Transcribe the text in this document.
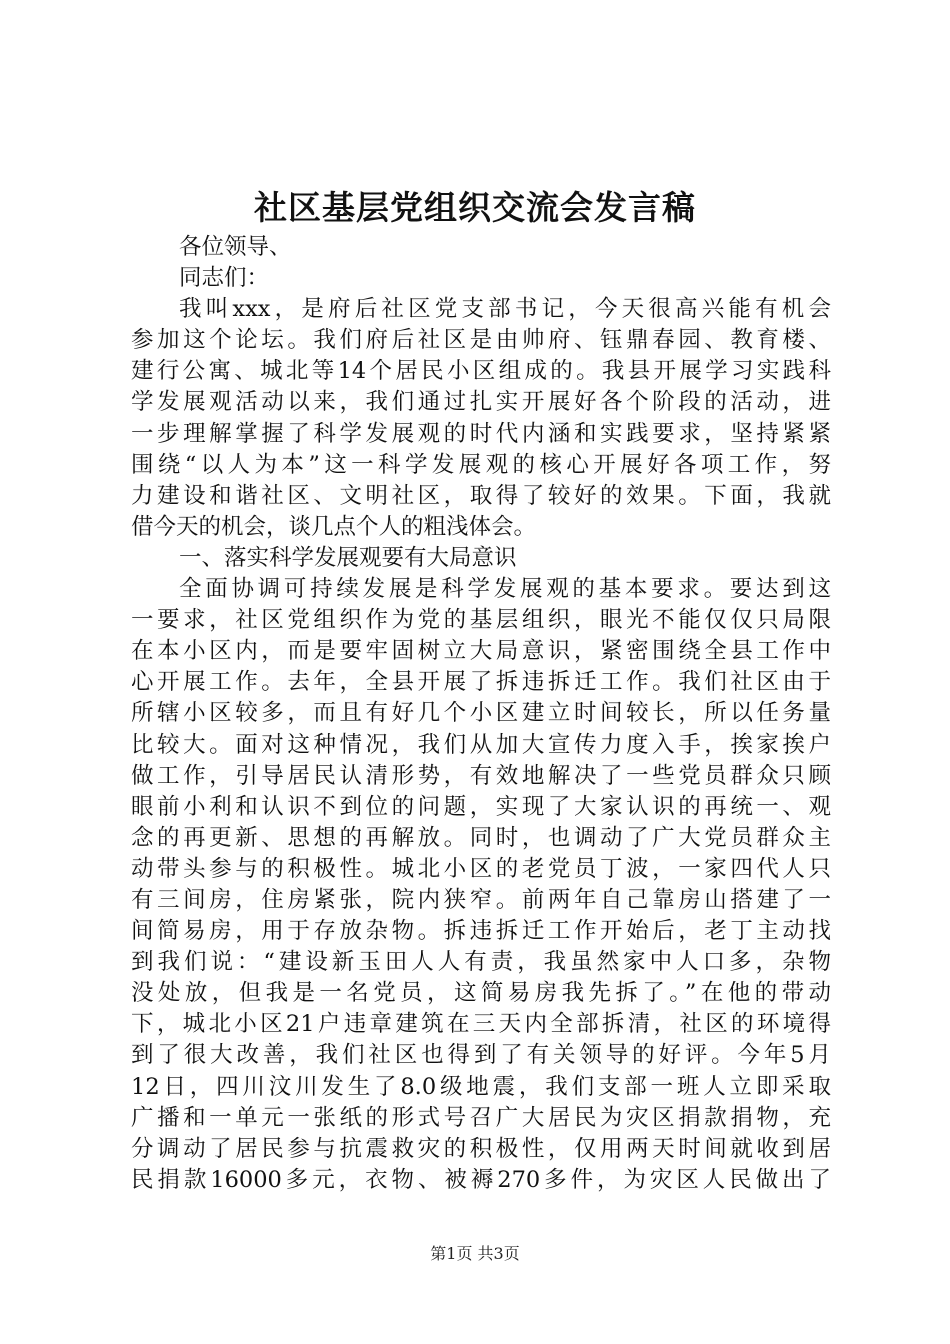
社区基层党组织交流会发言稿
各位领导、
同志们：
我叫xxx，是府后社区党支部书记，今天很高兴能有机会
参加这个论坛。我们府后社区是由帅府、钰鼎春园、教育楼、
建行公寓、城北等14个居民小区组成的。我县开展学习实践科
学发展观活动以来，我们通过扎实开展好各个阶段的活动，进
一步理解掌握了科学发展观的时代内涵和实践要求，坚持紧紧
围绕“以人为本”这一科学发展观的核心开展好各项工作，努
力建设和谐社区、文明社区，取得了较好的效果。下面，我就
借今天的机会，谈几点个人的粗浅体会。
一、落实科学发展观要有大局意识
全面协调可持续发展是科学发展观的基本要求。要达到这
一要求，社区党组织作为党的基层组织，眼光不能仅仅只局限
在本小区内，而是要牢固树立大局意识，紧密围绕全县工作中
心开展工作。去年，全县开展了拆违拆迁工作。我们社区由于
所辖小区较多，而且有好几个小区建立时间较长，所以任务量
比较大。面对这种情况，我们从加大宣传力度入手，挨家挨户
做工作，引导居民认清形势，有效地解决了一些党员群众只顾
眼前小利和认识不到位的问题，实现了大家认识的再统一、观
念的再更新、思想的再解放。同时，也调动了广大党员群众主
动带头参与的积极性。城北小区的老党员丁波，一家四代人只
有三间房，住房紧张，院内狭窄。前两年自己靠房山搭建了一
间简易房，用于存放杂物。拆违拆迁工作开始后，老丁主动找
到我们说：“建设新玉田人人有责，我虽然家中人口多，杂物
没处放，但我是一名党员，这简易房我先拆了。”在他的带动
下，城北小区21户违章建筑在三天内全部拆清，社区的环境得
到了很大改善，我们社区也得到了有关领导的好评。今年5月
12日，四川汶川发生了8.0级地震，我们支部一班人立即采取
广播和一单元一张纸的形式号召广大居民为灾区捐款捐物，充
分调动了居民参与抗震救灾的积极性，仅用两天时间就收到居
民捐款16000多元，衣物、被褥270多件，为灾区人民做出了
第1页 共3页
